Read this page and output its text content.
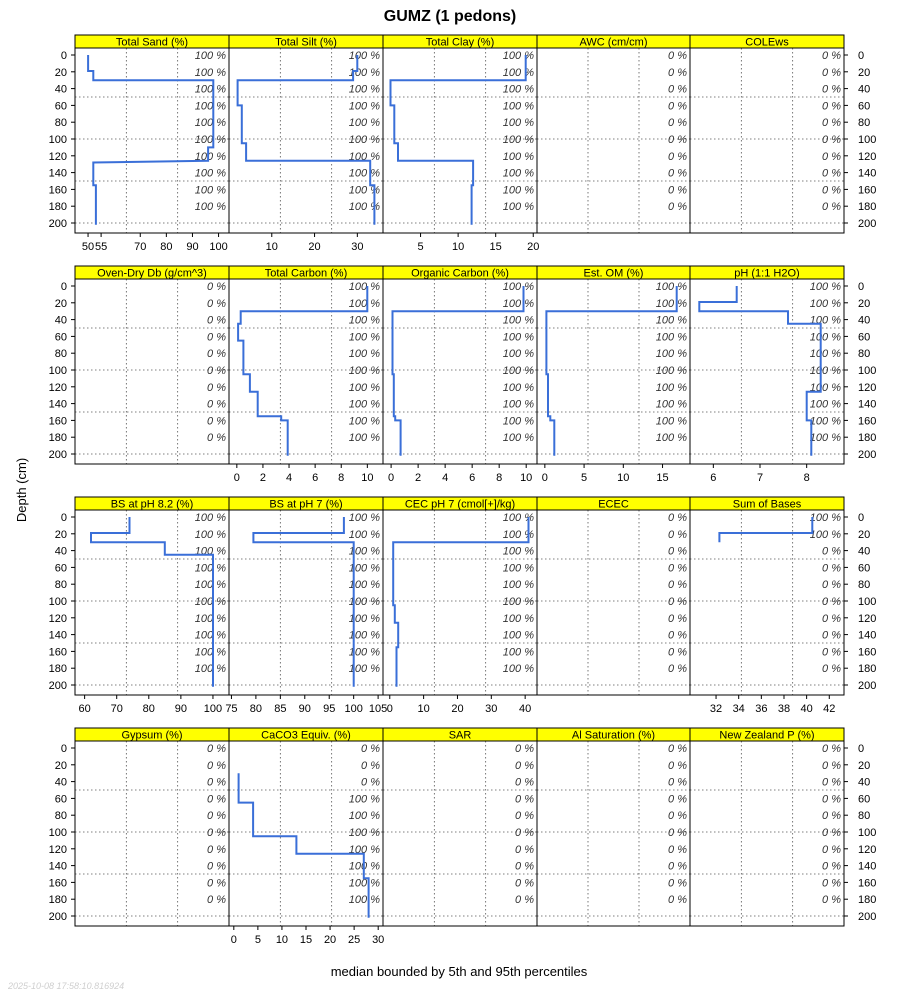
GUMZ (1 pedons)
100 %
100 %
100 %
100 %
100 %
100 %
100 %
100 %
100 %
100 %
Total Sand (%)
50 55 70 80 90 100
100 %
100 %
100 %
100 %
100 %
100 %
100 %
100 %
100 %
100 %
Total Silt (%)
10	20	30
100 %
100 %
100 %
100 %
100 %
100 %
100 %
100 %
100 %
100 %
Total Clay (%)
5	10 15 20
0 %
0 %
0 %
0 %
0 %
0 %
0 %
0 %
0 %
0 %
AWC (cm/cm)
0 %
0 %
0 %
0 %
0 %
0 %
0 %
0 %
0 %
0 %
COLEws
0 %
0 %
0 %
0 %
0 %
0 %
0 %
0 %
0 %
0 %
Oven-Dry Db (g/cm^3)
100 %
100 %
100 %
100 %
100 %
100 %
100 %
100 %
100 %
100 %
Total Carbon (%)
0 2 4 6 8 10
100 %
100 %
100 %
100 %
100 %
100 %
100 %
100 %
100 %
100 %
Organic Carbon (%)
0 2 4 6 8 10
100 %
100 %
100 %
100 %
100 %
100 %
100 %
100 %
100 %
100 %
Est. OM (%)
0	5	10 15
100 %
100 %
100 %
100 %
100 %
100 %
100 %
100 %
100 %
100 %
pH (1:1 H2O)
6	7	8
100 %
100 %
100 %
100 %
100 %
100 %
100 %
100 %
100 %
100 %
BS at pH 8.2 (%)
60 70 80 90 100
100 %
100 %
100 %
100 %
100 %
100 %
100 %
100 %
100 %
100 %
BS at pH 7 (%)
75 80 85 90 95 100 105
100 %
100 %
100 %
100 %
100 %
100 %
100 %
100 %
100 %
100 %
CEC pH 7 (cmol[+]/kg)
0 10 20 30 40
0 %
0 %
0 %
0 %
0 %
0 %
0 %
0 %
0 %
0 %
ECEC
100 %
100 %
0 %
0 %
0 %
0 %
0 %
0 %
0 %
0 %
Sum of Bases
32 34 36 38 40 42
0 %
0 %
0 %
0 %
0 %
0 %
0 %
0 %
0 %
0 %
Gypsum (%)
0 %
0 %
0 %
100 %
100 %
100 %
100 %
100 %
100 %
100 %
CaCO3 Equiv. (%)
0 5 10 15 20 25 30
0 %
0 %
0 %
0 %
0 %
0 %
0 %
0 %
0 %
0 %
SAR
0 %
0 %
0 %
0 %
0 %
0 %
0 %
0 %
0 %
0 %
Al Saturation (%)
0 %
0 %
0 %
0 %
0 %
0 %
0 %
0 %
0 %
0 %
New Zealand P (%)
0	0
20	20
40	40
60	60
80	80
100	100
120	120
140	140
160	160
180	180
200	200
0	0
20	20
40	40
60	60
80	80
100	100
120	120
140	140
160	160
180	180
200	200
0	0
20	20
40	40
60	60
80	80
100	100
120	120
140	140
160	160
180	180
200	200
0	0
20	20
40	40
60	60
80	80
100	100
120	120
140	140
160	160
180	180
200	200
Depth (cm)
median bounded by 5th and 95th percentiles
2025-10-08 17:58:10.816924
